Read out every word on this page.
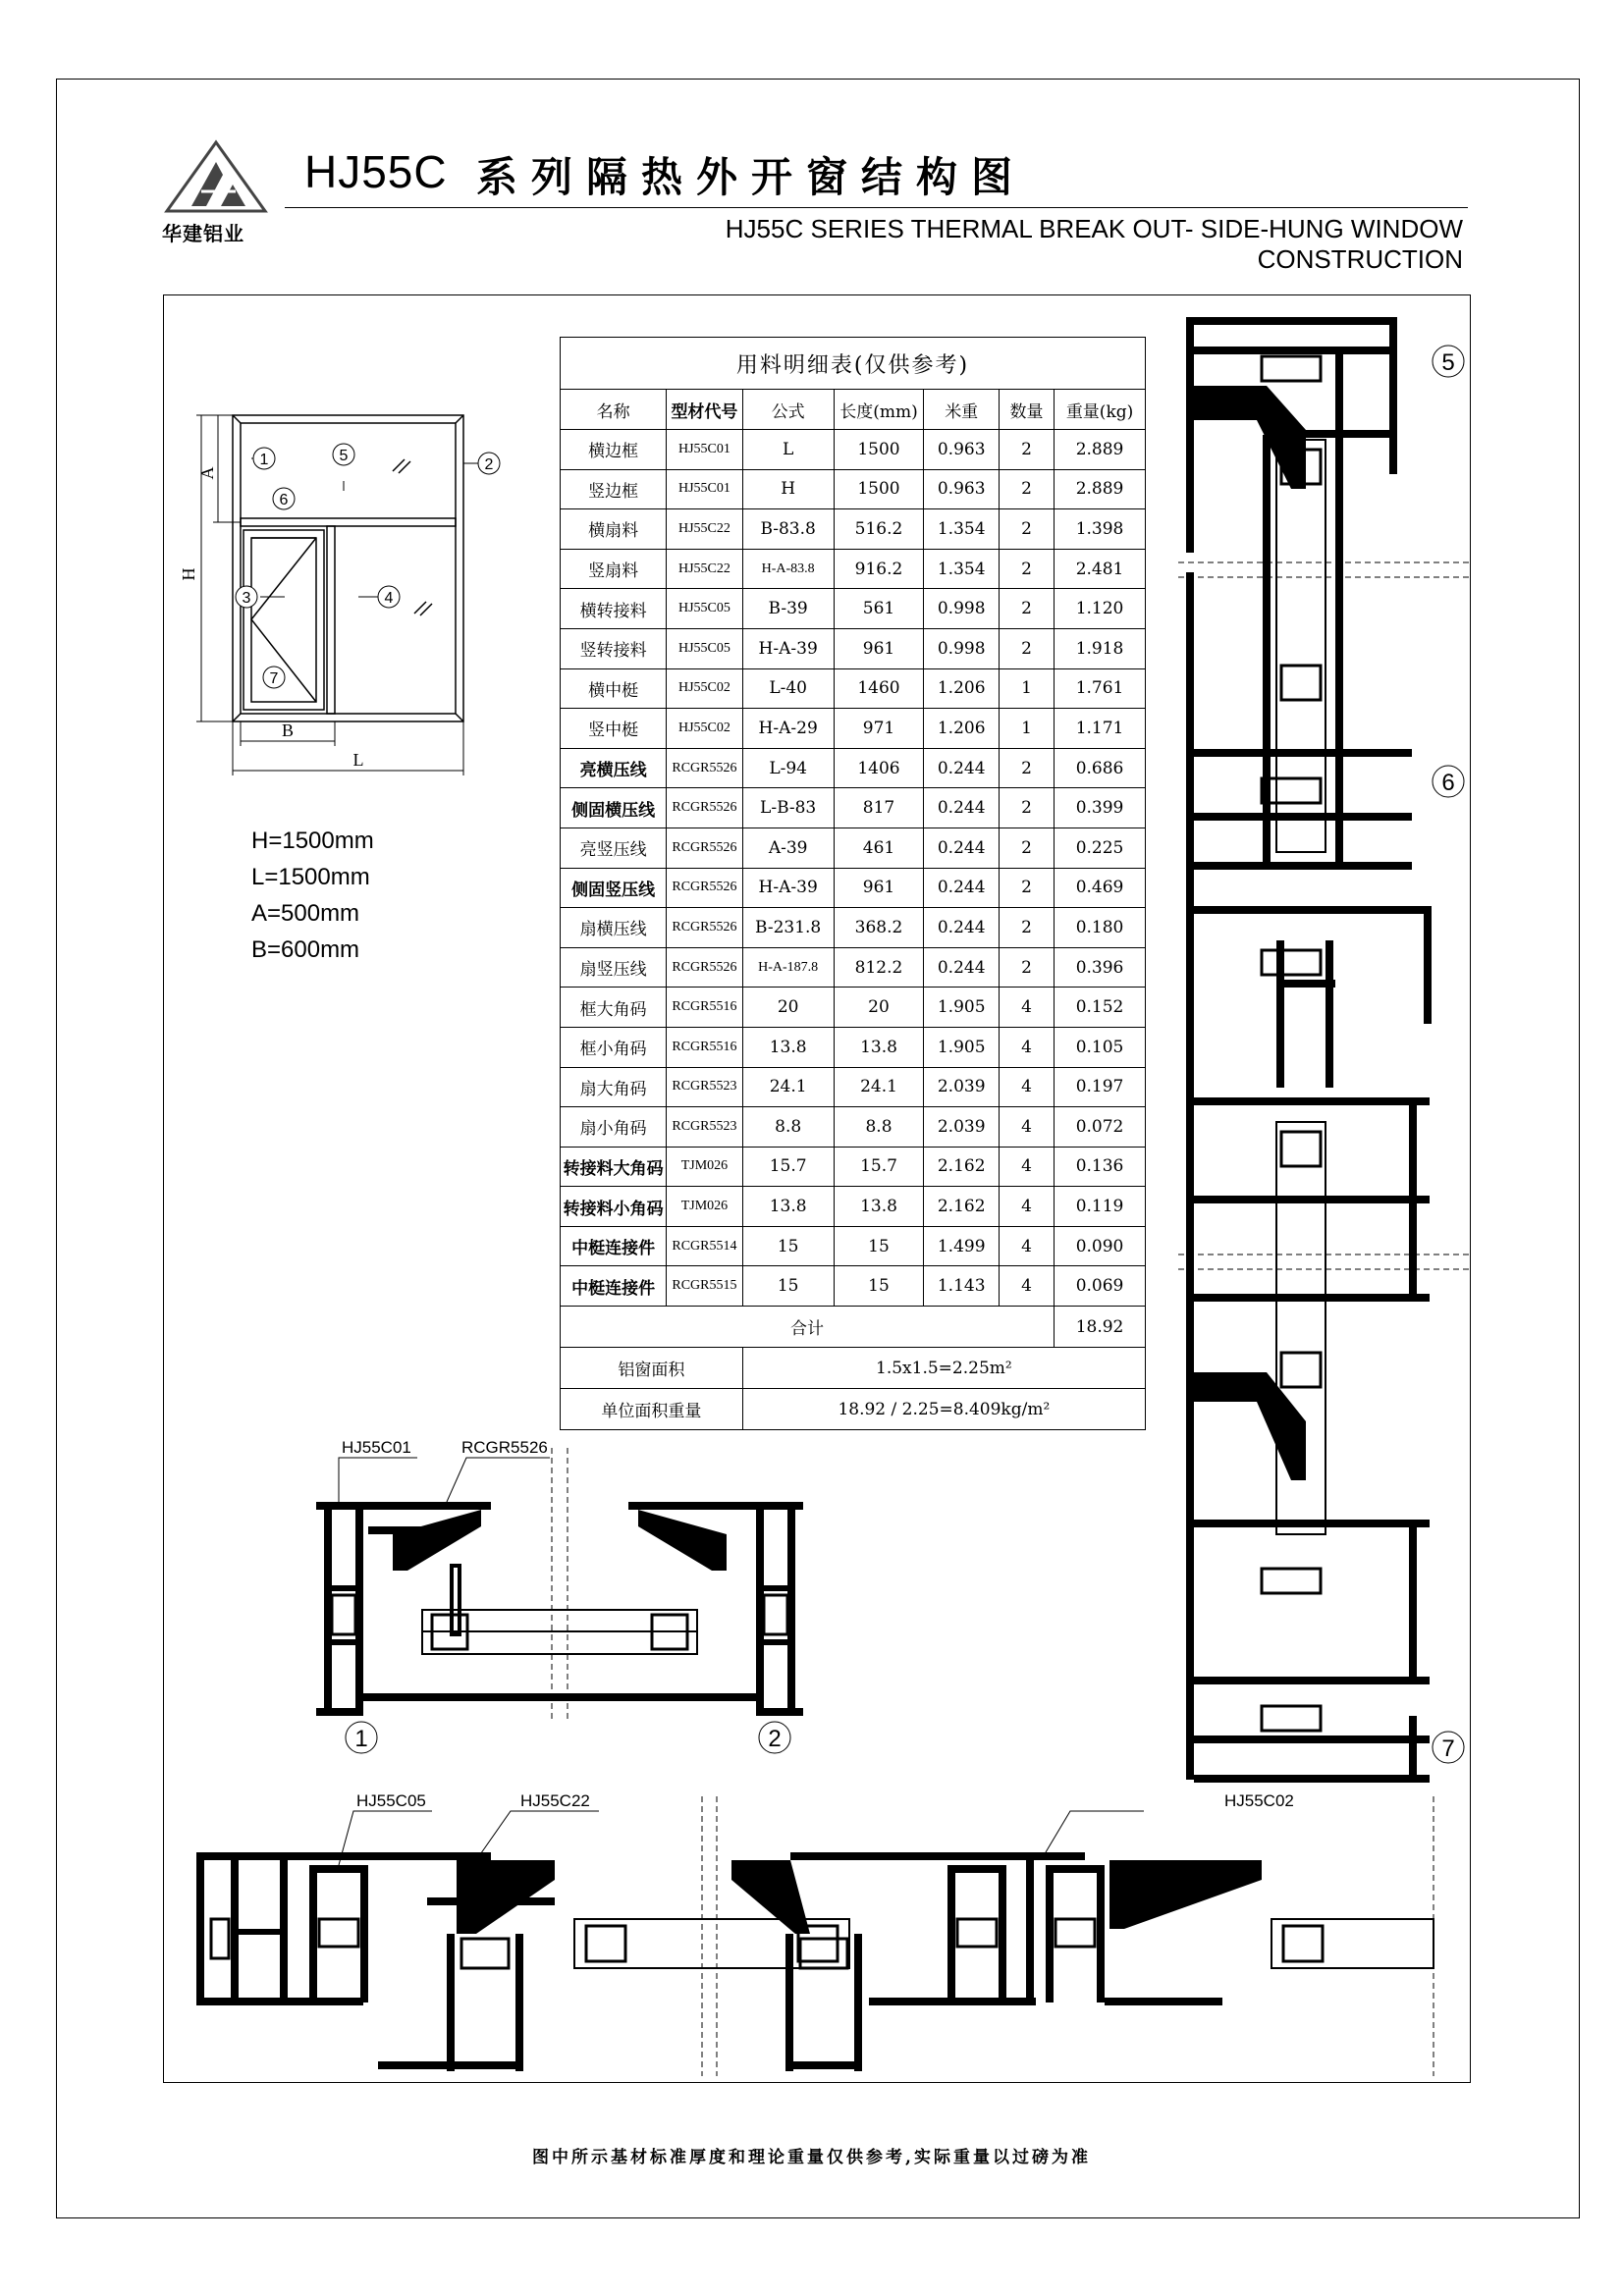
华建铝业
HJ55C 系列隔热外开窗结构图
HJ55C SERIES THERMAL BREAK OUT- SIDE-HUNG WINDOW CONSTRUCTION
1	2
3	4
5
6
7
A
H
B
L
H=1500mm
L=1500mm
A=500mm
B=600mm
用料明细表(仅供参考)						
名称	型材代号	公式	长度(mm)	米重	数量	重量(kg)
横边框	HJ55C01	L	1500	0.963	2	2.889
竖边框	HJ55C01	H	1500	0.963	2	2.889
横扇料	HJ55C22	B-83.8	516.2	1.354	2	1.398
竖扇料	HJ55C22	H-A-83.8	916.2	1.354	2	2.481
横转接料	HJ55C05	B-39	561	0.998	2	1.120
竖转接料	HJ55C05	H-A-39	961	0.998	2	1.918
横中梃	HJ55C02	L-40	1460	1.206	1	1.761
竖中梃	HJ55C02	H-A-29	971	1.206	1	1.171
亮横压线	RCGR5526	L-94	1406	0.244	2	0.686
侧固横压线	RCGR5526	L-B-83	817	0.244	2	0.399
亮竖压线	RCGR5526	A-39	461	0.244	2	0.225
侧固竖压线	RCGR5526	H-A-39	961	0.244	2	0.469
扇横压线	RCGR5526	B-231.8	368.2	0.244	2	0.180
扇竖压线	RCGR5526	H-A-187.8	812.2	0.244	2	0.396
框大角码	RCGR5516	20	20	1.905	4	0.152
框小角码	RCGR5516	13.8	13.8	1.905	4	0.105
扇大角码	RCGR5523	24.1	24.1	2.039	4	0.197
扇小角码	RCGR5523	8.8	8.8	2.039	4	0.072
转接料大角码	TJM026	15.7	15.7	2.162	4	0.136
转接料小角码	TJM026	13.8	13.8	2.162	4	0.119
中梃连接件	RCGR5514	15	15	1.499	4	0.090
中梃连接件	RCGR5515	15	15	1.143	4	0.069
合计						18.92
铝窗面积		1.5x1.5=2.25m²				
单位面积重量		18.92 / 2.25=8.409kg/m²				
HJ55C01	RCGR5526
1	2
HJ55C05	HJ55C22	HJ55C02
5
6
7
图中所示基材标准厚度和理论重量仅供参考,实际重量以过磅为准
